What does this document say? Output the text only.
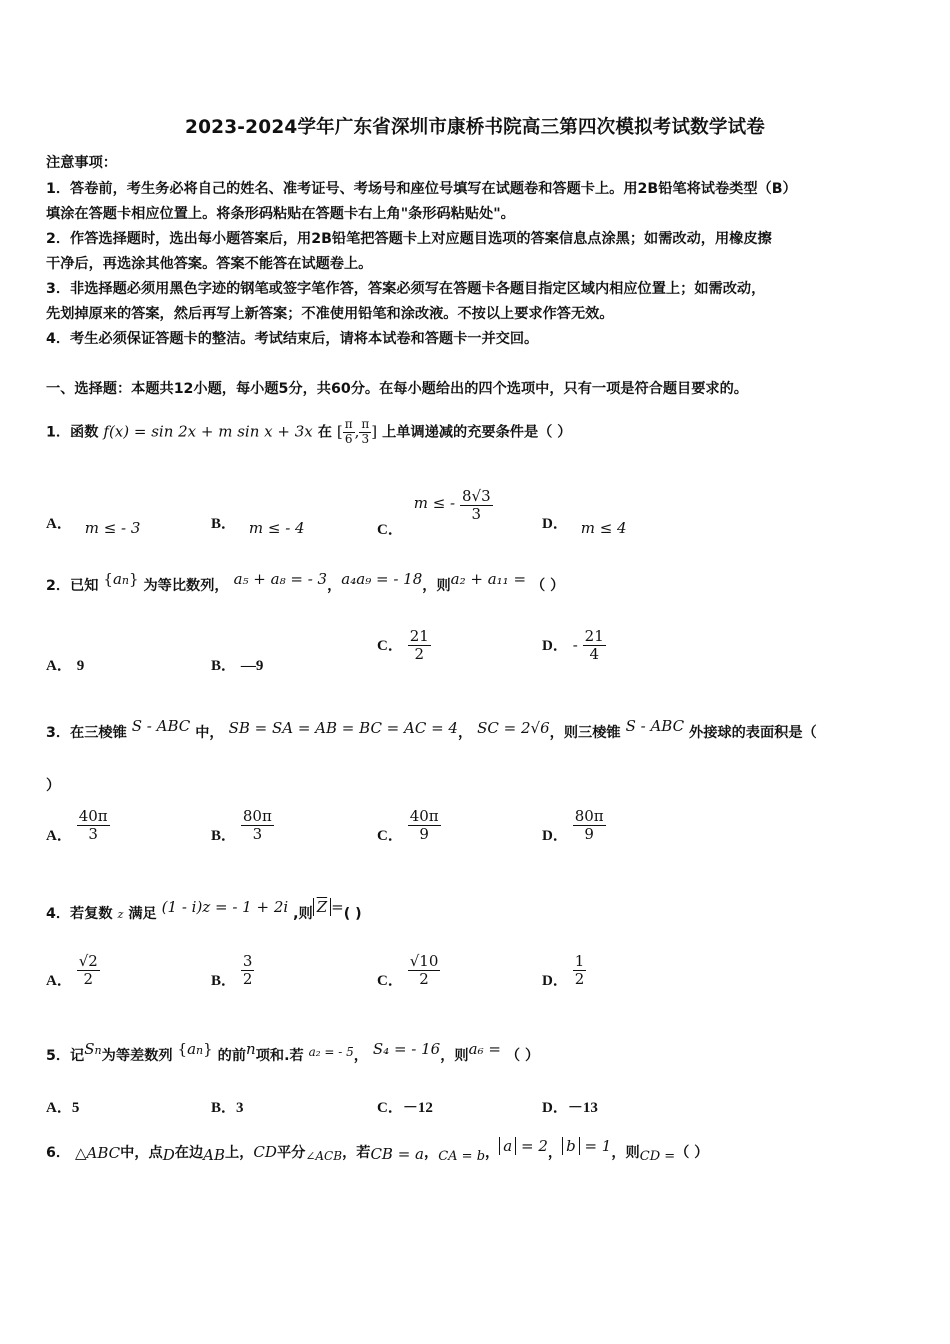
2023-2024学年广东省深圳市康桥书院高三第四次模拟考试数学试卷
注意事项：
1．答卷前，考生务必将自己的姓名、准考证号、考场号和座位号填写在试题卷和答题卡上。用2B铅笔将试卷类型（B）
填涂在答题卡相应位置上。将条形码粘贴在答题卡右上角"条形码粘贴处"。
2．作答选择题时，选出每小题答案后，用2B铅笔把答题卡上对应题目选项的答案信息点涂黑；如需改动，用橡皮擦
干净后，再选涂其他答案。答案不能答在试题卷上。
3．非选择题必须用黑色字迹的钢笔或签字笔作答，答案必须写在答题卡各题目指定区域内相应位置上；如需改动，
先划掉原来的答案，然后再写上新答案；不准使用铅笔和涂改液。不按以上要求作答无效。
4．考生必须保证答题卡的整洁。考试结束后，请将本试卷和答题卡一并交回。
一、选择题：本题共12小题，每小题5分，共60分。在每小题给出的四个选项中，只有一项是符合题目要求的。
1．函数 f(x) = sin 2x + m sin x + 3x 在 [ $\frac{\pi}{6}$ , $\frac{\pi}{3}$ ] 上单调递减的充要条件是（ ）
A． m ≤ - 3	B． m ≤ - 4	C． m ≤ - $\frac{8√3}{3}$
D． m ≤ 4
2．已知 {an} 为等比数列， a₅ + a₈ = - 3，a₄a₉ = - 18，则a₂ + a₁₁ = （ ）
A． 9	B． —9
C． $\frac{21}{2}$	D． - $\frac{21}{4}$
3．在三棱锥 S - ABC 中， SB = SA = AB = BC = AC = 4， SC = 2√6，则三棱锥 S - ABC 外接球的表面积是（
）
A． $\frac{40\pi}{3}$	B． $\frac{80\pi}{3}$	C． $\frac{40\pi}{9}$	D． $\frac{80\pi}{9}$
4．若复数 z 满足 (1 - i)z = - 1 + 2i ,则 $\overline{Z}$ =( )
A． $\frac{√2}{2}$	B． $\frac{3}{2}$	C． $\frac{√10}{2}$	D． $\frac{1}{2}$
5．记Sn为等差数列 {an} 的前n项和.若 $^{a_2 = - 5}$， S₄ = - 16，则a₆ = （ ）
A．5	B．3	C．－12	D．－13
6． △ABC中，点D在边AB上，CD平分$_{\angle ACB}$，若CB = a，CA = b， a = 2， b = 1，则CD =（ ）
